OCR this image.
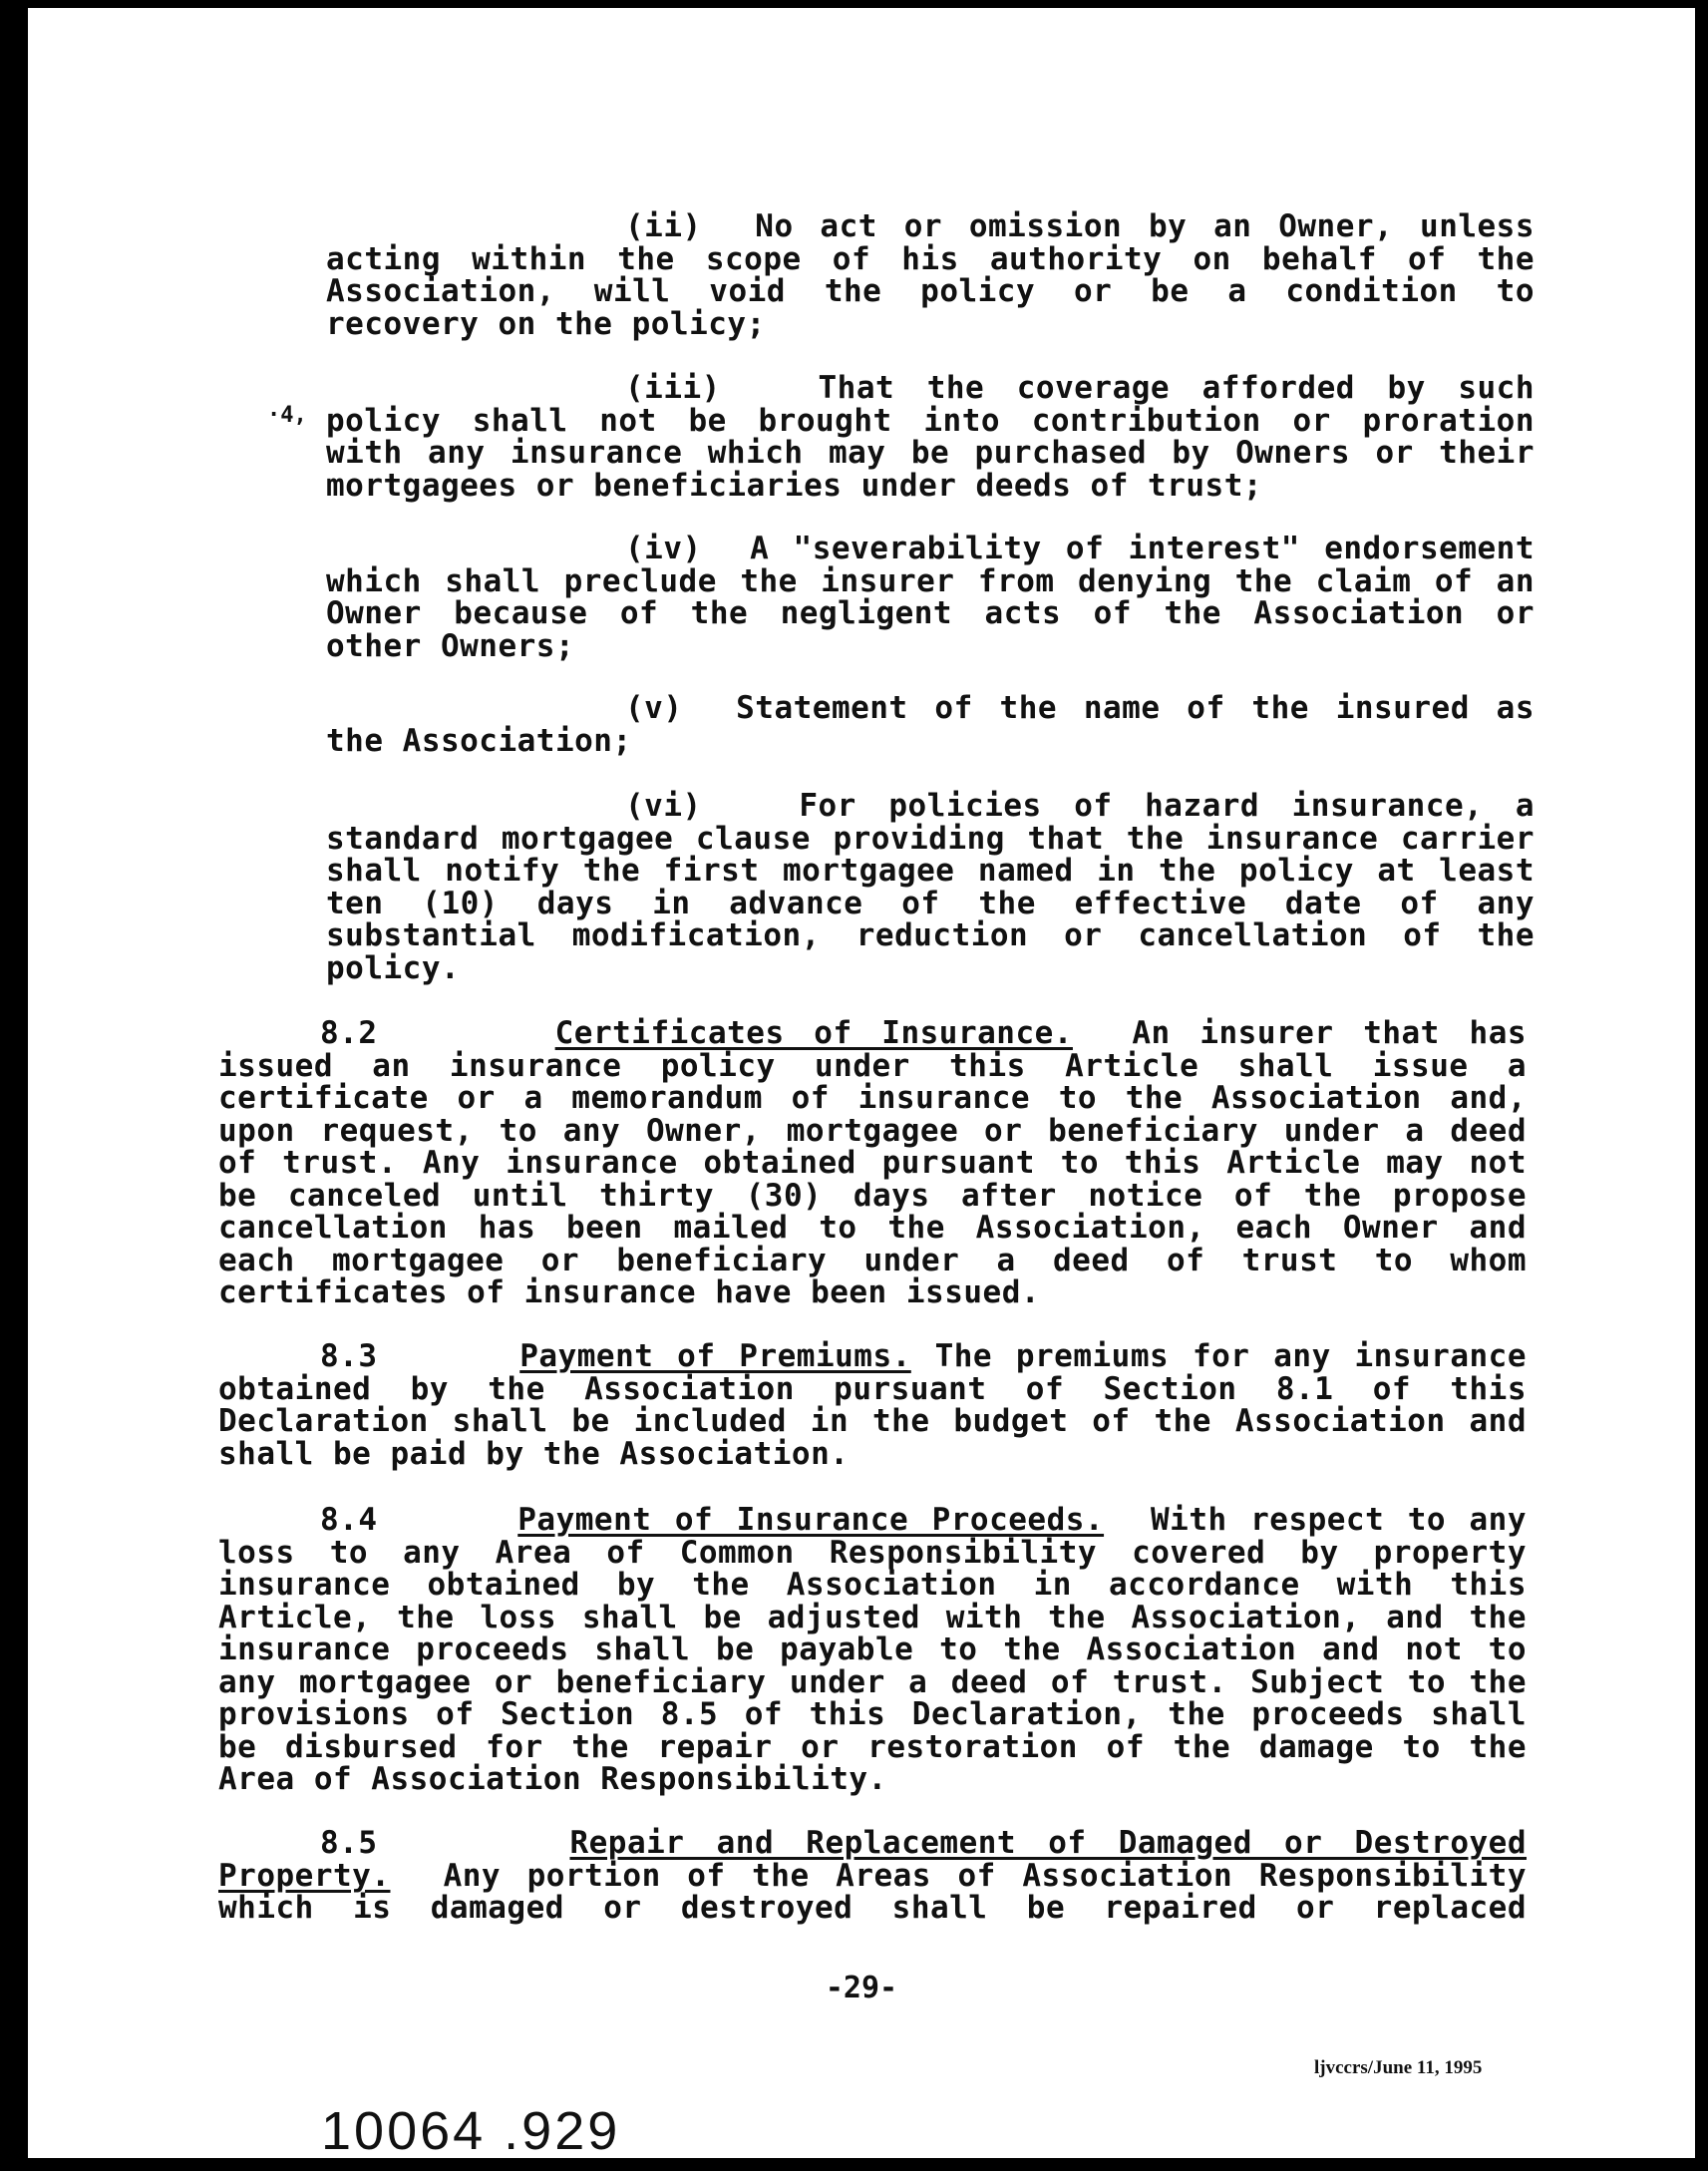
·4,
(ii) No act or omission by an Owner, unless
acting within the scope of his authority on behalf of the
Association, will void the policy or be a condition to
recovery on the policy;
(iii)	That the coverage afforded by such
policy shall not be brought into contribution or proration
with any insurance which may be purchased by Owners or their
mortgagees or beneficiaries under deeds of trust;
(iv) A "severability of interest" endorsement
which shall preclude the insurer from denying the claim of an
Owner because of the negligent acts of the Association or
other Owners;
(v) Statement of the name of the insured as
the Association;
(vi)	For policies of hazard insurance, a
standard mortgagee clause providing that the insurance carrier
shall notify the first mortgagee named in the policy at least
ten (10) days in advance of the effective date of any
substantial modification, reduction or cancellation of the
policy.
8.2	Certificates of Insurance. An insurer that has
issued an insurance policy under this Article shall issue a
certificate or a memorandum of insurance to the Association and,
upon request, to any Owner, mortgagee or beneficiary under a deed
of trust. Any insurance obtained pursuant to this Article may not
be canceled until thirty (30) days after notice of the propose
cancellation has been mailed to the Association, each Owner and
each mortgagee or beneficiary under a deed of trust to whom
certificates of insurance have been issued.
8.3	Payment of Premiums. The premiums for any insurance
obtained by the Association pursuant of Section 8.1 of this
Declaration shall be included in the budget of the Association and
shall be paid by the Association.
8.4	Payment of Insurance Proceeds. With respect to any
loss to any Area of Common Responsibility covered by property
insurance obtained by the Association in accordance with this
Article, the loss shall be adjusted with the Association, and the
insurance proceeds shall be payable to the Association and not to
any mortgagee or beneficiary under a deed of trust. Subject to the
provisions of Section 8.5 of this Declaration, the proceeds shall
be disbursed for the repair or restoration of the damage to the
Area of Association Responsibility.
8.5	Repair and Replacement of Damaged or Destroyed
Property. Any portion of the Areas of Association Responsibility
which is damaged or destroyed shall be repaired or replaced
-29-
ljvccrs/June 11, 1995
10064 .929
